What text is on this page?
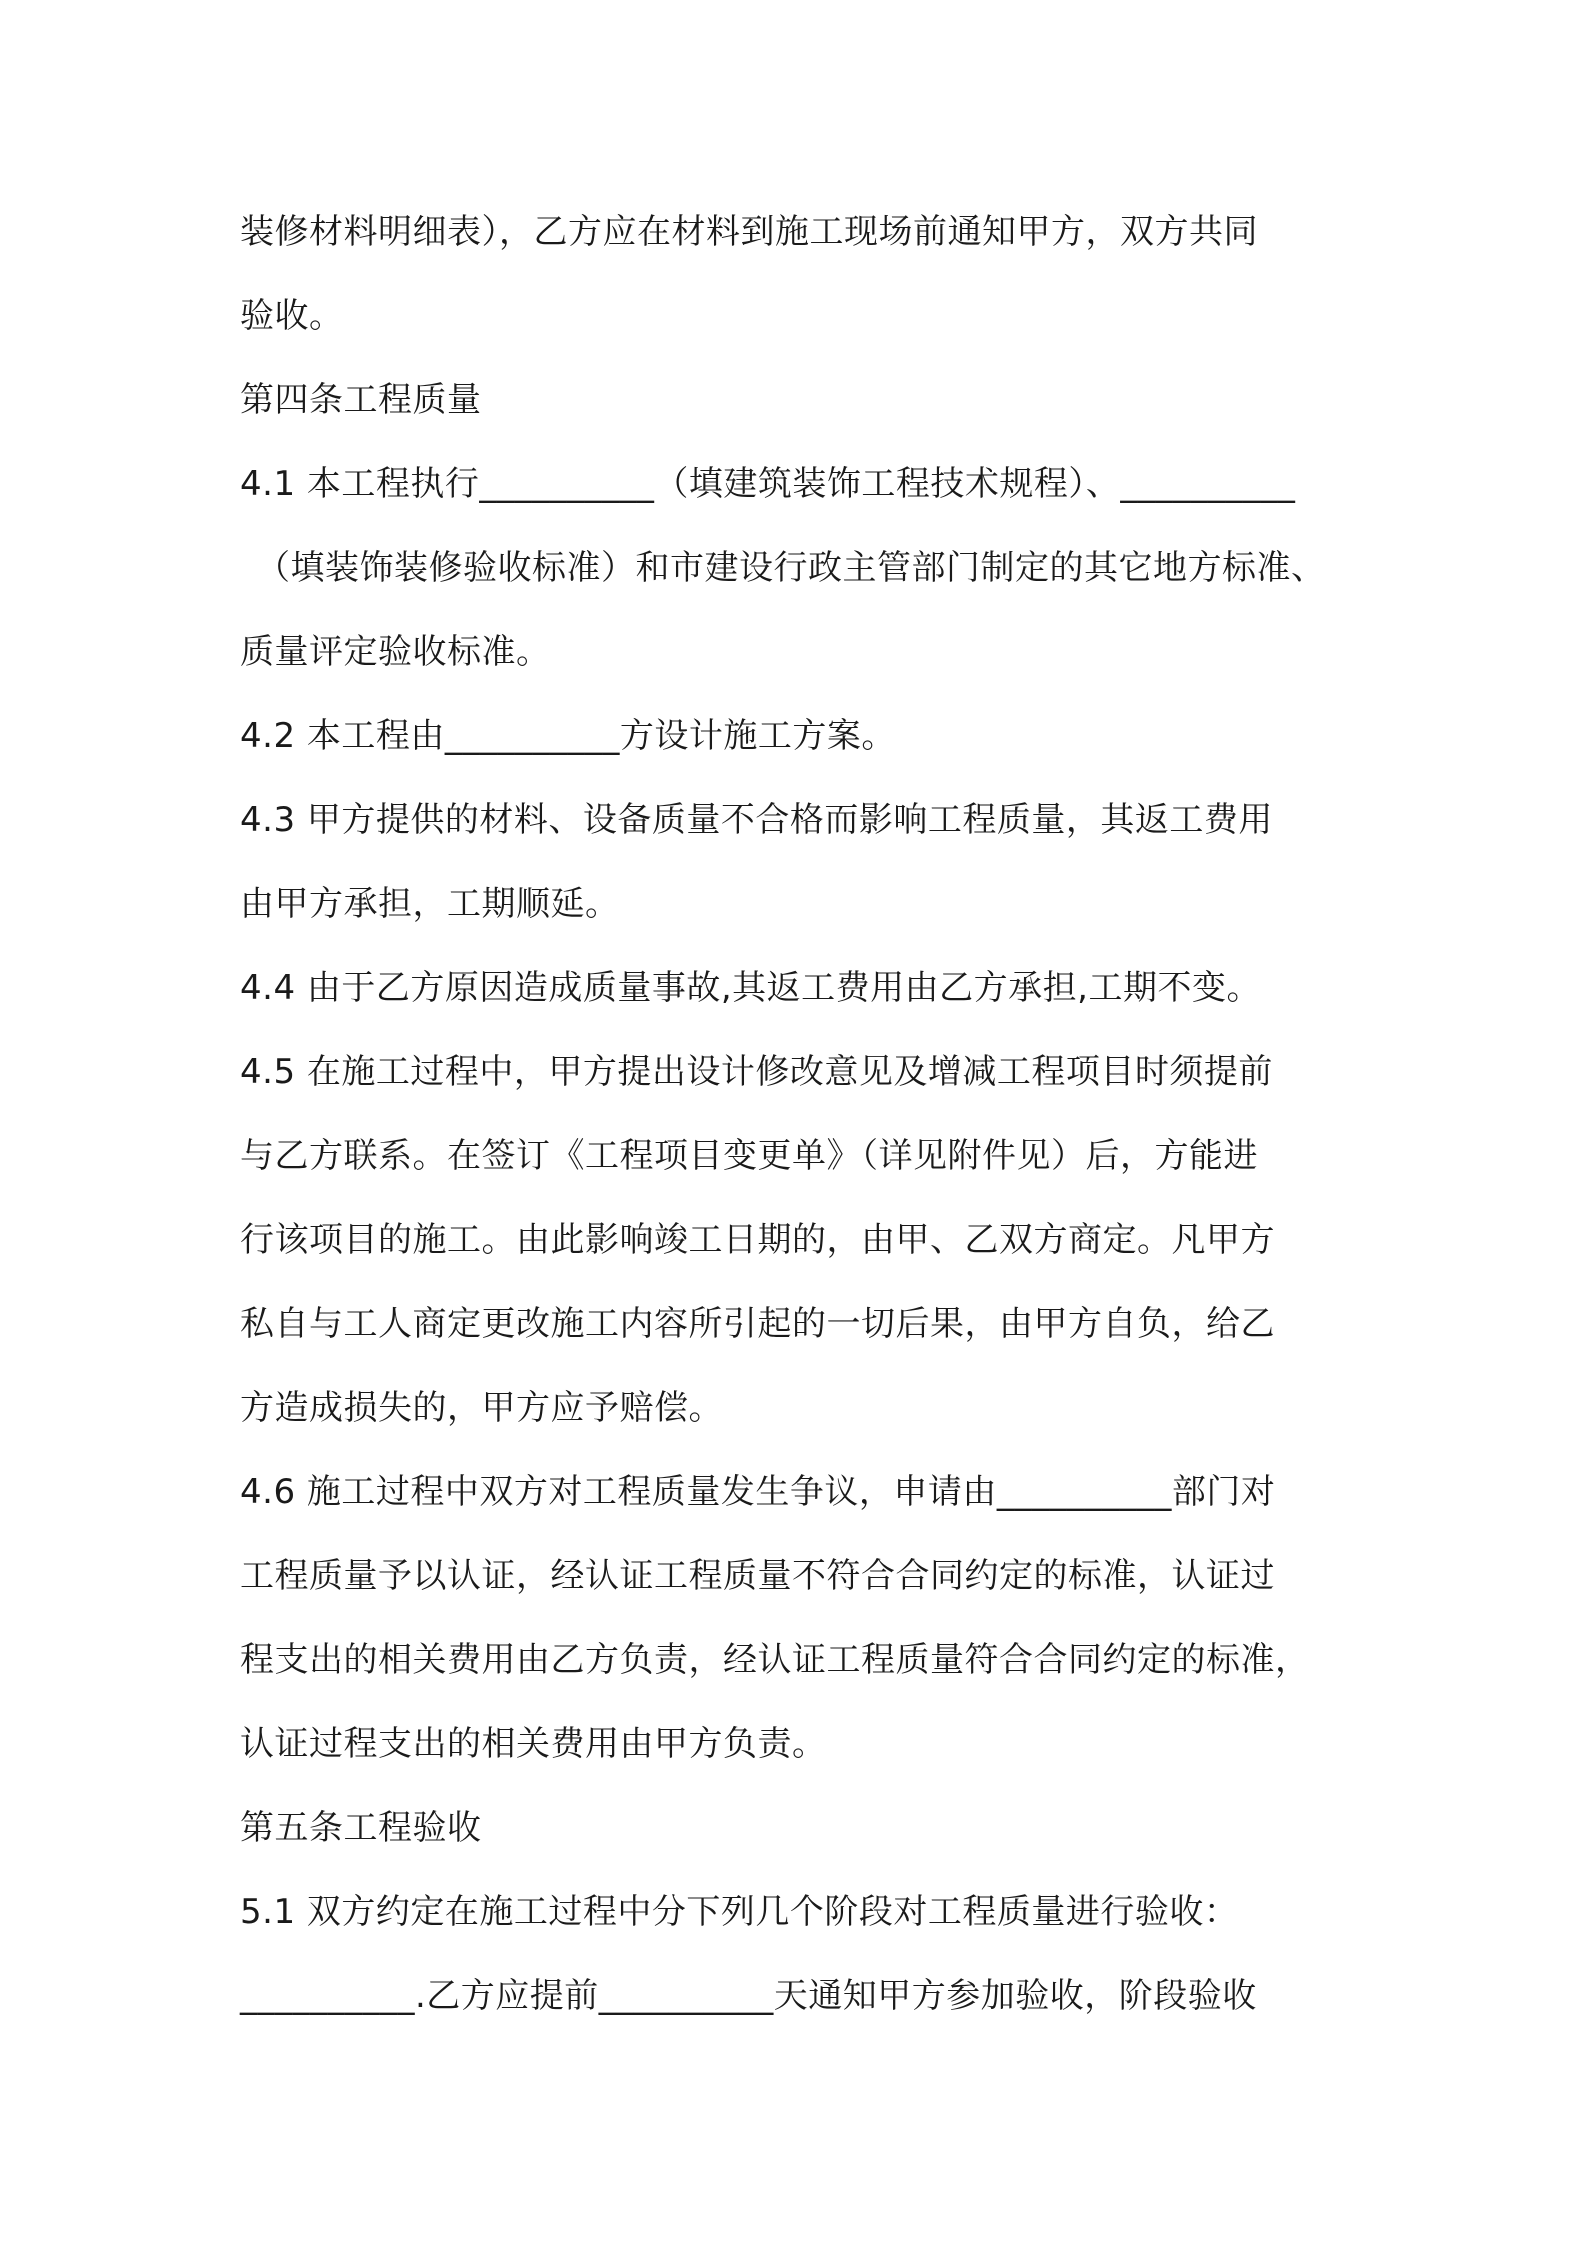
装修材料明细表），乙方应在材料到施工现场前通知甲方，双方共同
验收。
第四条工程质量
4.1 本工程执行__________（填建筑装饰工程技术规程）、__________
（填装饰装修验收标准）和市建设行政主管部门制定的其它地方标准、
质量评定验收标准。
4.2 本工程由__________方设计施工方案。
4.3 甲方提供的材料、设备质量不合格而影响工程质量，其返工费用
由甲方承担，工期顺延。
4.4 由于乙方原因造成质量事故,其返工费用由乙方承担,工期不变。
4.5 在施工过程中，甲方提出设计修改意见及增减工程项目时须提前
与乙方联系。在签订《工程项目变更单》（详见附件见）后，方能进
行该项目的施工。由此影响竣工日期的，由甲、乙双方商定。凡甲方
私自与工人商定更改施工内容所引起的一切后果，由甲方自负，给乙
方造成损失的，甲方应予赔偿。
4.6 施工过程中双方对工程质量发生争议，申请由__________部门对
工程质量予以认证，经认证工程质量不符合合同约定的标准，认证过
程支出的相关费用由乙方负责，经认证工程质量符合合同约定的标准，
认证过程支出的相关费用由甲方负责。
第五条工程验收
5.1 双方约定在施工过程中分下列几个阶段对工程质量进行验收：
__________.乙方应提前__________天通知甲方参加验收，阶段验收
